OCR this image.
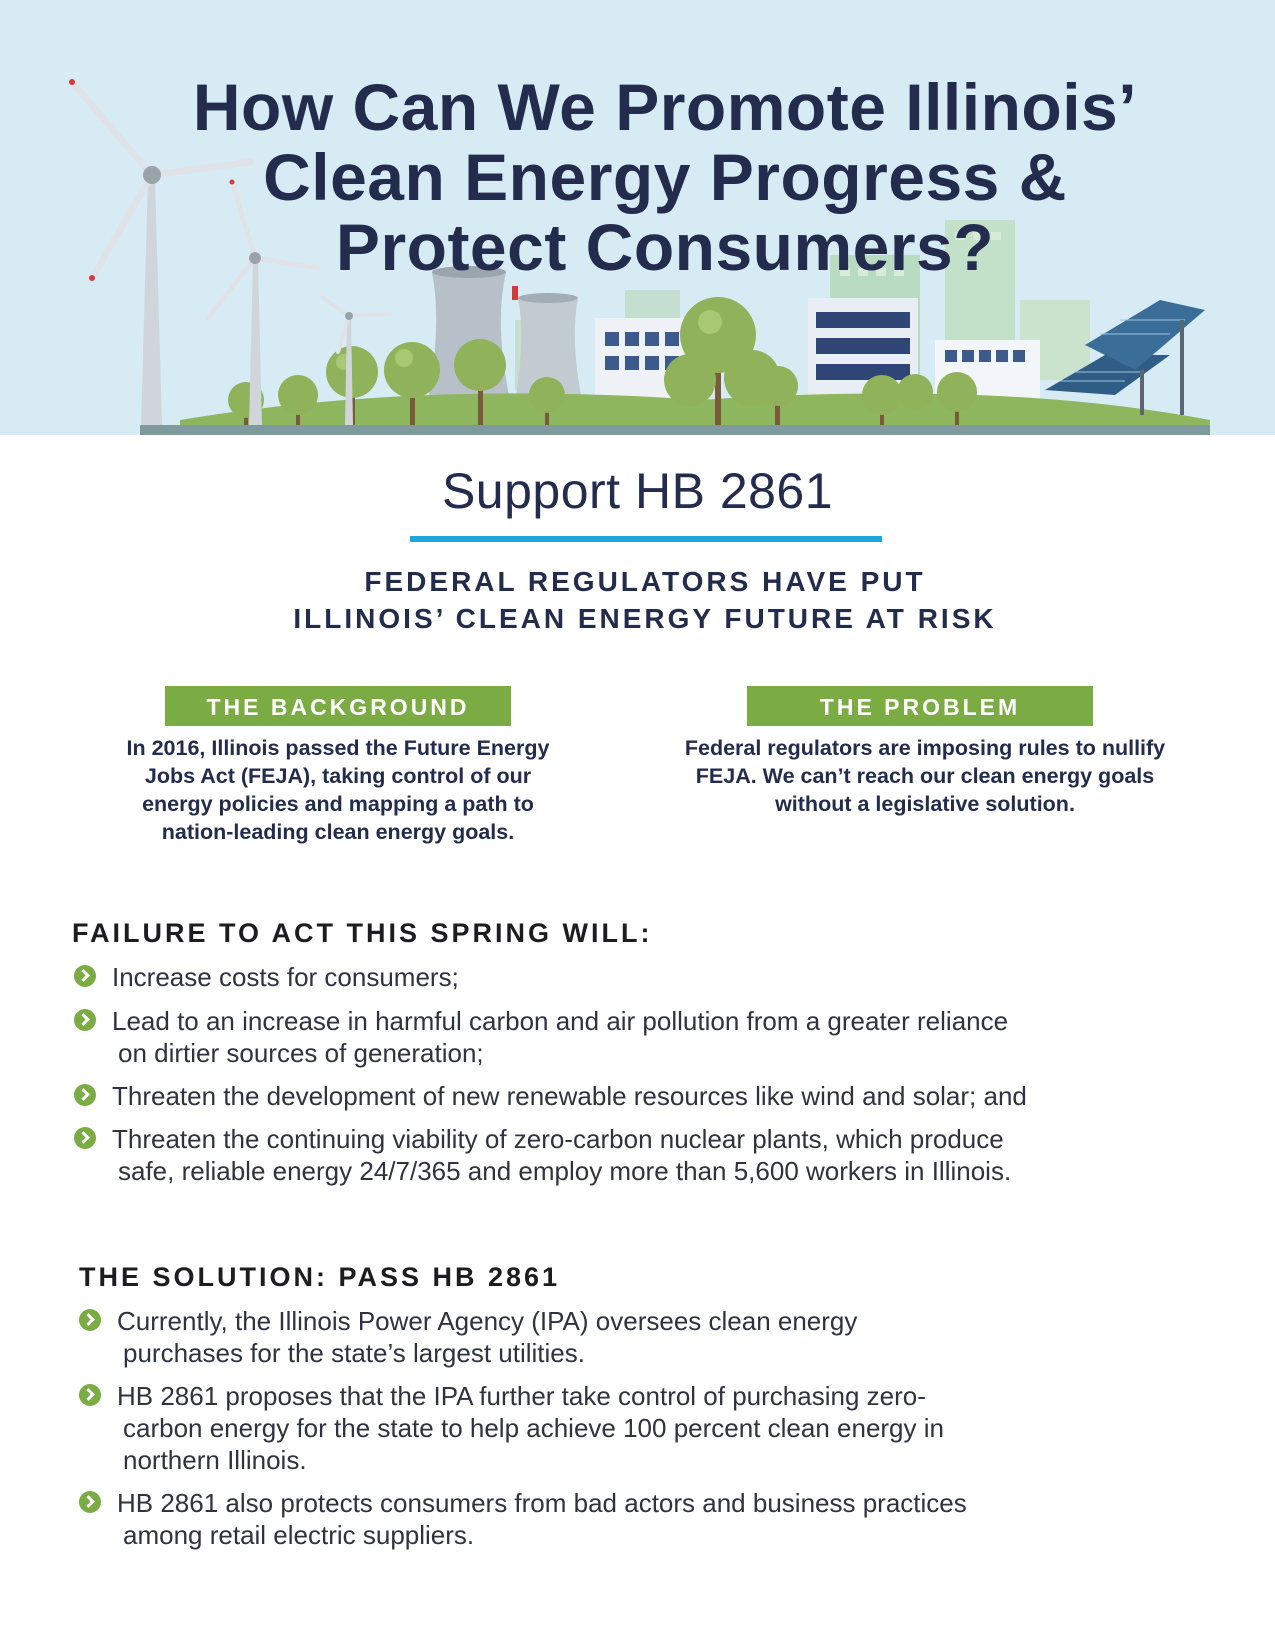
How Can We Promote Illinois’
Clean Energy Progress &
Protect Consumers?
Support HB 2861
FEDERAL REGULATORS HAVE PUT
ILLINOIS’ CLEAN ENERGY FUTURE AT RISK
THE BACKGROUND

In 2016, Illinois passed the Future Energy
Jobs Act (FEJA), taking control of our
energy policies and mapping a path to
nation-leading clean energy goals.

THE PROBLEM

Federal regulators are imposing rules to nullify
FEJA. We can’t reach our clean energy goals
without a legislative solution.

FAILURE TO ACT THIS SPRING WILL:
Increase costs for consumers;
Lead to an increase in harmful carbon and air pollution from a greater reliance
on dirtier sources of generation;
Threaten the development of new renewable resources like wind and solar; and
Threaten the continuing viability of zero-carbon nuclear plants, which produce
safe, reliable energy 24/7/365 and employ more than 5,600 workers in Illinois.
THE SOLUTION: PASS HB 2861
Currently, the Illinois Power Agency (IPA) oversees clean energy
purchases for the state’s largest utilities.
HB 2861 proposes that the IPA further take control of purchasing zero-
carbon energy for the state to help achieve 100 percent clean energy in
northern Illinois.
HB 2861 also protects consumers from bad actors and business practices
among retail electric suppliers.
